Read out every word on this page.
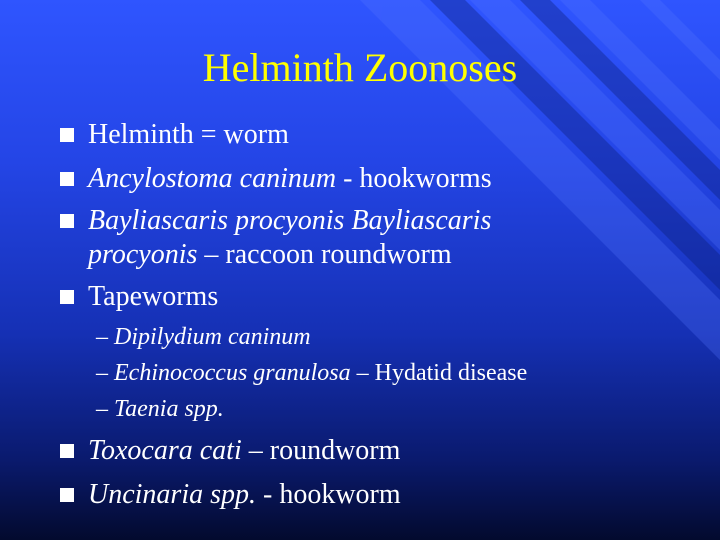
Helminth Zoonoses
Helminth = worm
Ancylostoma caninum - hookworms
Bayliascaris procyonis Bayliascaris
procyonis – raccoon roundworm
Tapeworms
– Dipilydium caninum
– Echinococcus granulosa – Hydatid disease
– Taenia spp.
Toxocara cati – roundworm
Uncinaria spp. - hookworm
